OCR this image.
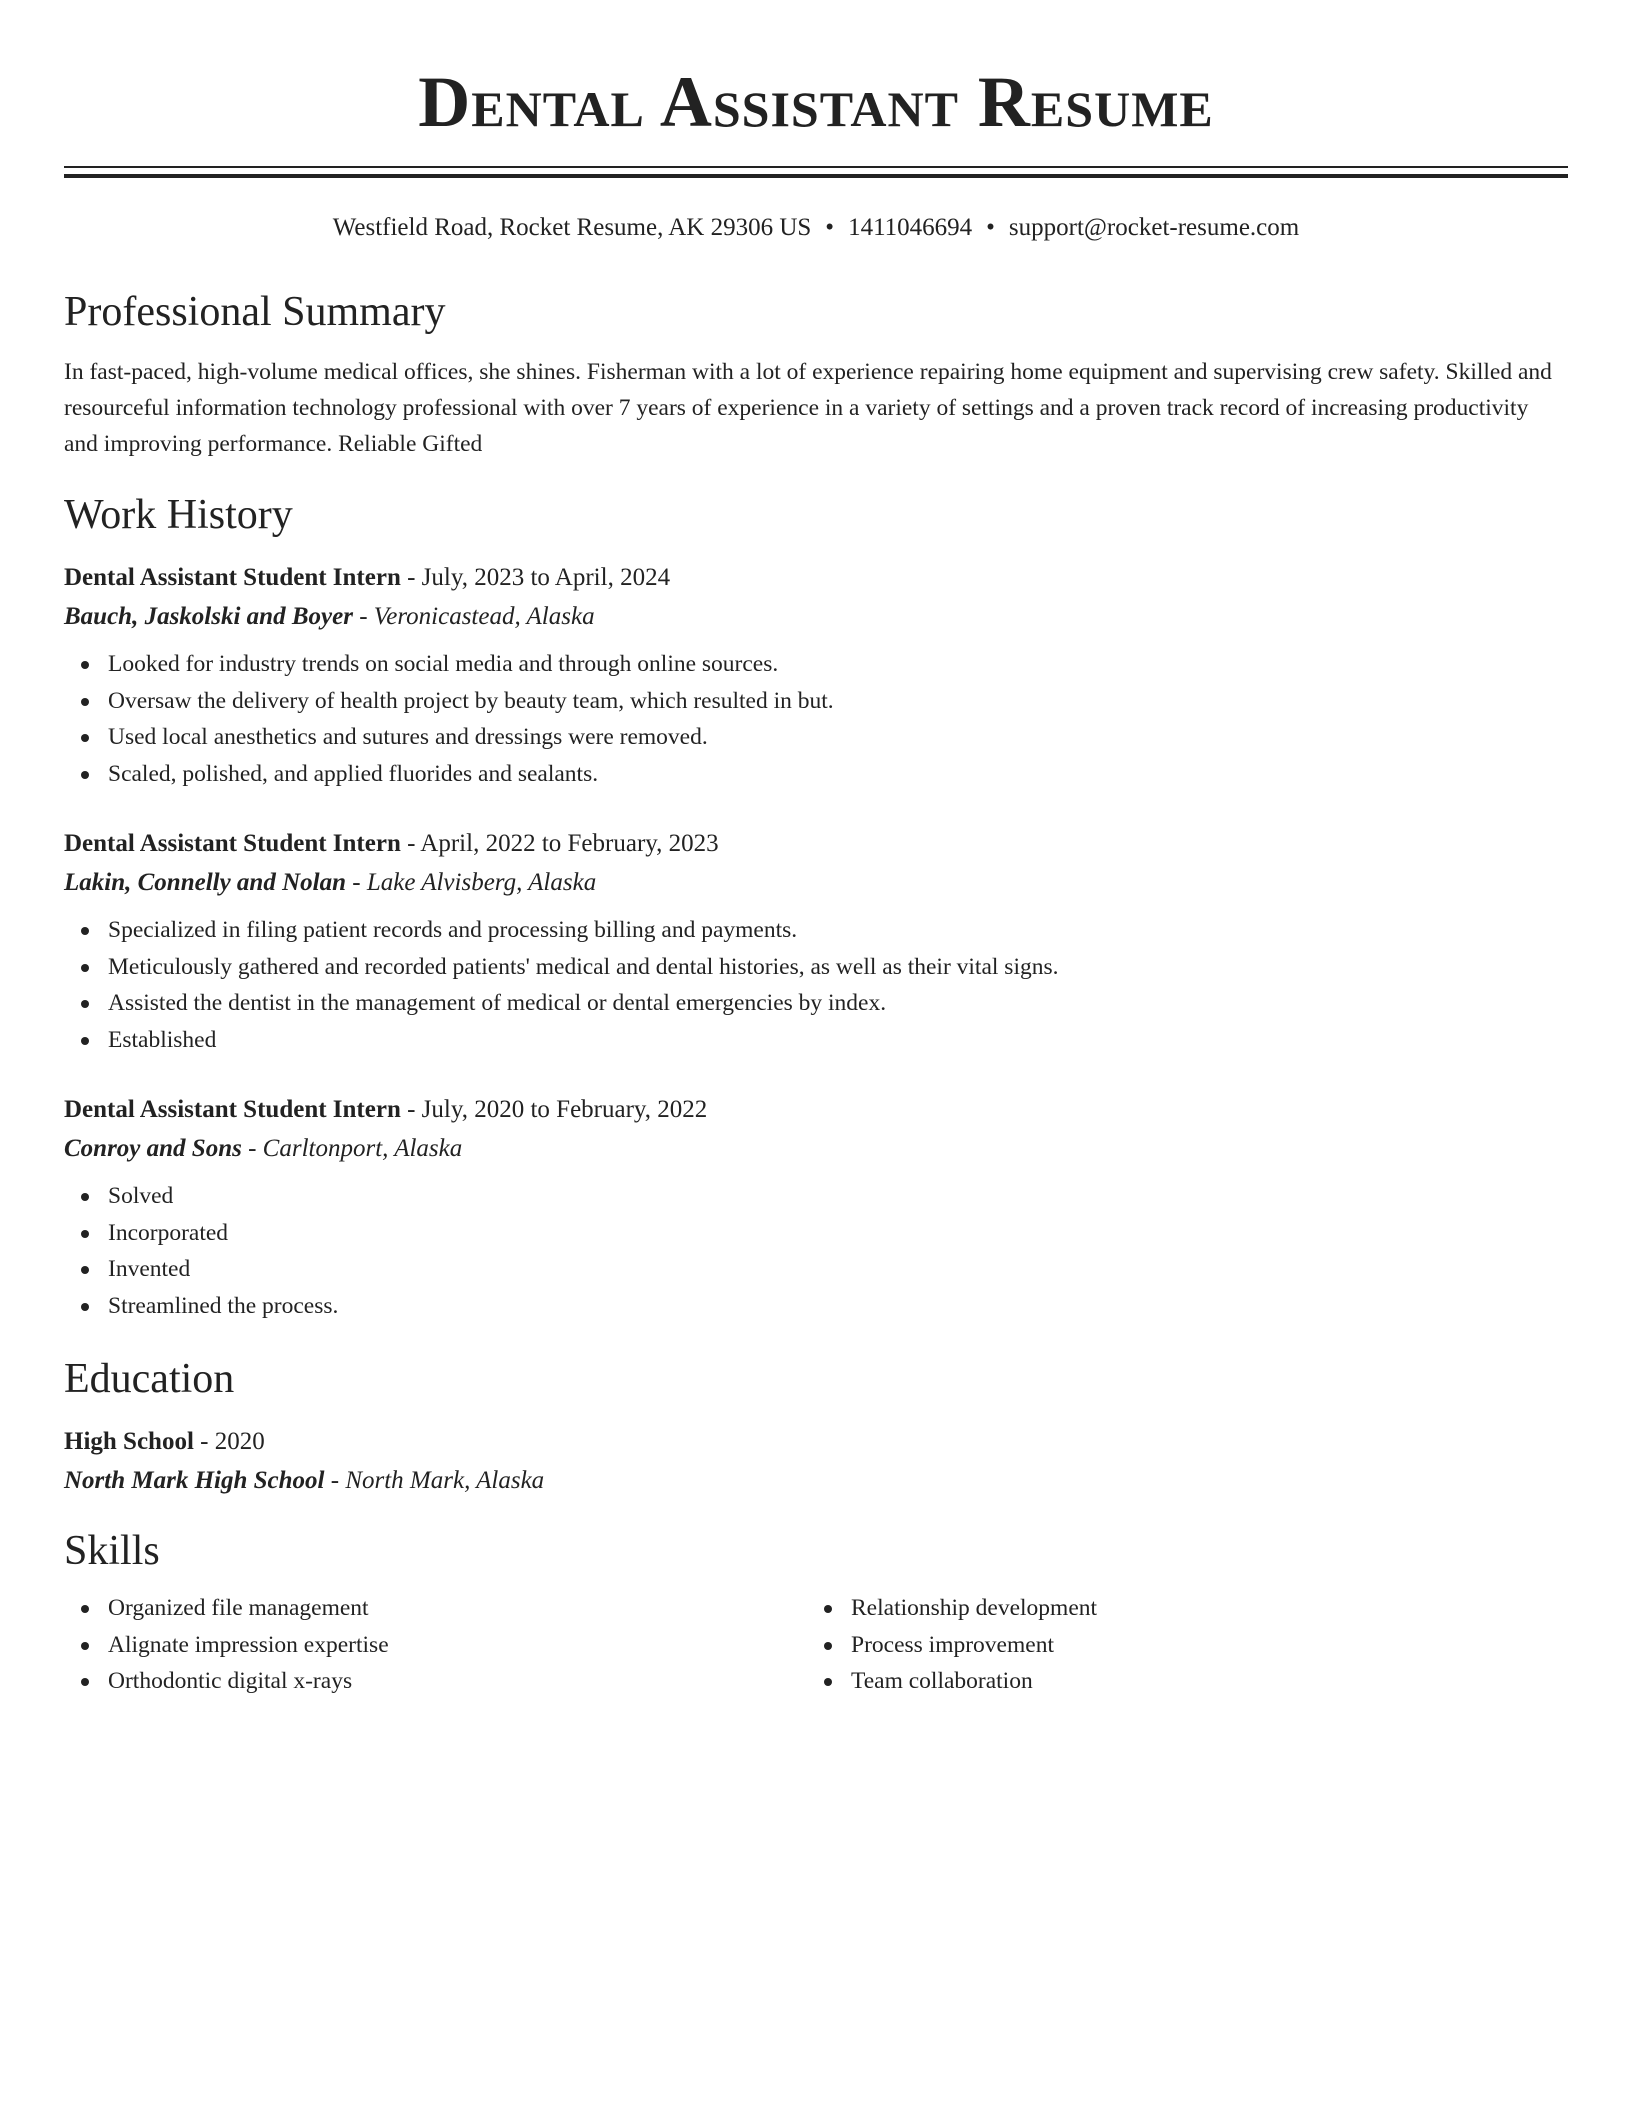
Dental Assistant Resume
Westfield Road, Rocket Resume, AK 29306 US • 1411046694 • support@rocket-resume.com
Professional Summary

In fast-paced, high-volume medical offices, she shines. Fisherman with a lot of experience repairing home equipment and supervising crew safety. Skilled and resourceful information technology professional with over 7 years of experience in a variety of settings and a proven track record of increasing productivity and improving performance. Reliable Gifted

Work History
Dental Assistant Student Intern - July, 2023 to April, 2024
Bauch, Jaskolski and Boyer - Veronicastead, Alaska
Looked for industry trends on social media and through online sources.
Oversaw the delivery of health project by beauty team, which resulted in but.
Used local anesthetics and sutures and dressings were removed.
Scaled, polished, and applied fluorides and sealants.
Dental Assistant Student Intern - April, 2022 to February, 2023
Lakin, Connelly and Nolan - Lake Alvisberg, Alaska
Specialized in filing patient records and processing billing and payments.
Meticulously gathered and recorded patients' medical and dental histories, as well as their vital signs.
Assisted the dentist in the management of medical or dental emergencies by index.
Established
Dental Assistant Student Intern - July, 2020 to February, 2022
Conroy and Sons - Carltonport, Alaska
Solved
Incorporated
Invented
Streamlined the process.
Education
High School - 2020
North Mark High School - North Mark, Alaska
Skills
Organized file management
Alignate impression expertise
Orthodontic digital x-rays
Relationship development
Process improvement
Team collaboration
